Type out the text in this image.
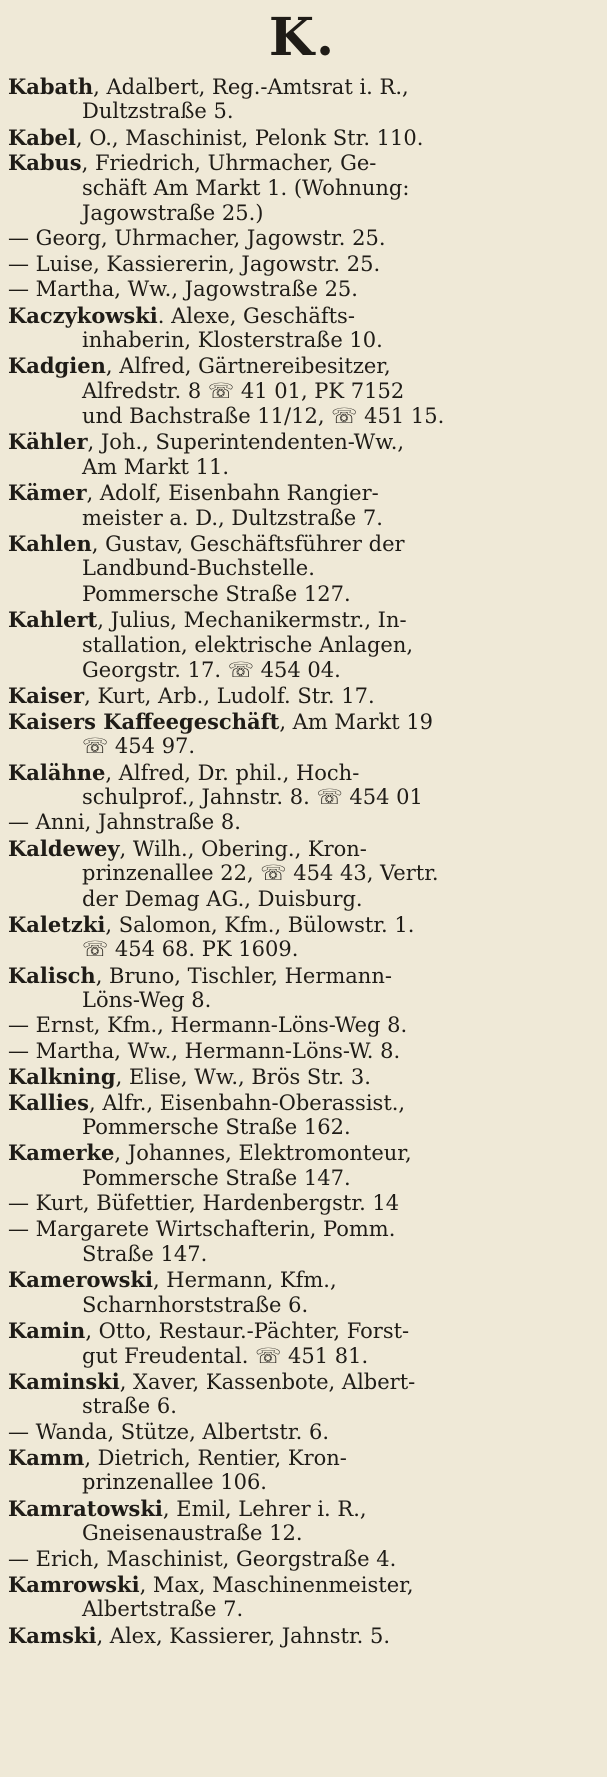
K.
Kabath, Adalbert, Reg.-Amtsrat i. R.,
Dultzstraße 5.
Kabel, O., Maschinist, Pelonk Str. 110.
Kabus, Friedrich, Uhrmacher, Ge-
schäft Am Markt 1. (Wohnung:
Jagowstraße 25.)
— Georg, Uhrmacher, Jagowstr. 25.
— Luise, Kassiererin, Jagowstr. 25.
— Martha, Ww., Jagowstraße 25.
Kaczykowski. Alexe, Geschäfts-
inhaberin, Klosterstraße 10.
Kadgien, Alfred, Gärtnereibesitzer,
Alfredstr. 8 ☏ 41 01, PK 7152
und Bachstraße 11/12, ☏ 451 15.
Kähler, Joh., Superintendenten-Ww.,
Am Markt 11.
Kämer, Adolf, Eisenbahn Rangier-
meister a. D., Dultzstraße 7.
Kahlen, Gustav, Geschäftsführer der
Landbund-Buchstelle.
Pommersche Straße 127.
Kahlert, Julius, Mechanikermstr., In-
stallation, elektrische Anlagen,
Georgstr. 17. ☏ 454 04.
Kaiser, Kurt, Arb., Ludolf. Str. 17.
Kaisers Kaffeegeschäft, Am Markt 19
☏ 454 97.
Kalähne, Alfred, Dr. phil., Hoch-
schulprof., Jahnstr. 8. ☏ 454 01
— Anni, Jahnstraße 8.
Kaldewey, Wilh., Obering., Kron-
prinzenallee 22, ☏ 454 43, Vertr.
der Demag AG., Duisburg.
Kaletzki, Salomon, Kfm., Bülowstr. 1.
☏ 454 68. PK 1609.
Kalisch, Bruno, Tischler, Hermann-
Löns-Weg 8.
— Ernst, Kfm., Hermann-Löns-Weg 8.
— Martha, Ww., Hermann-Löns-W. 8.
Kalkning, Elise, Ww., Brös Str. 3.
Kallies, Alfr., Eisenbahn-Oberassist.,
Pommersche Straße 162.
Kamerke, Johannes, Elektromonteur,
Pommersche Straße 147.
— Kurt, Büfettier, Hardenbergstr. 14
— Margarete Wirtschafterin, Pomm.
Straße 147.
Kamerowski, Hermann, Kfm.,
Scharnhorststraße 6.
Kamin, Otto, Restaur.-Pächter, Forst-
gut Freudental. ☏ 451 81.
Kaminski, Xaver, Kassenbote, Albert-
straße 6.
— Wanda, Stütze, Albertstr. 6.
Kamm, Dietrich, Rentier, Kron-
prinzenallee 106.
Kamratowski, Emil, Lehrer i. R.,
Gneisenaustraße 12.
— Erich, Maschinist, Georgstraße 4.
Kamrowski, Max, Maschinenmeister,
Albertstraße 7.
Kamski, Alex, Kassierer, Jahnstr. 5.
